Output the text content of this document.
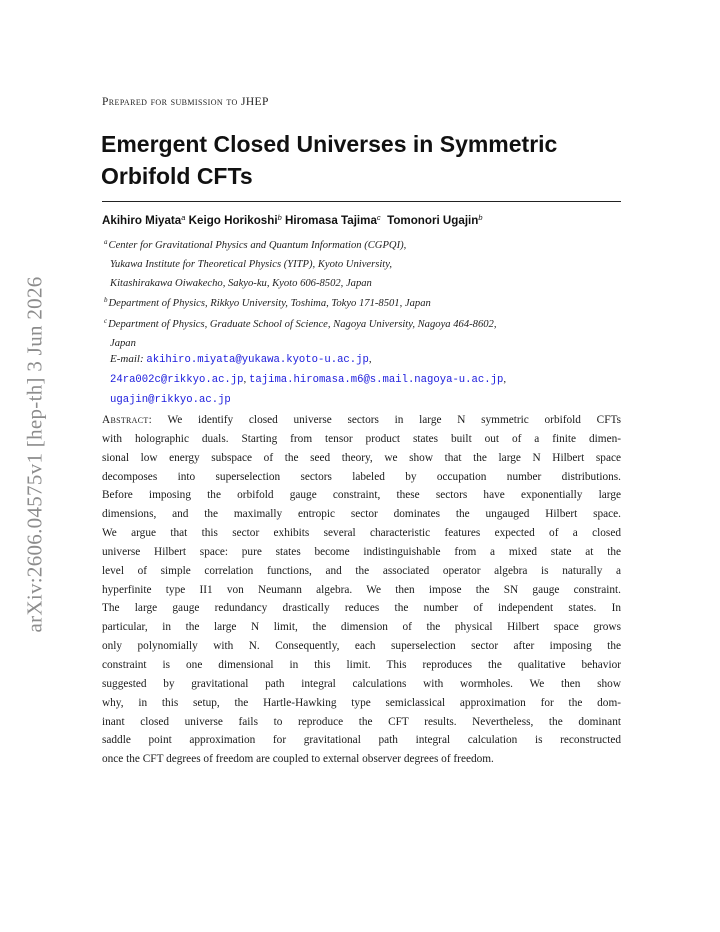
arXiv:2606.04575v1 [hep-th] 3 Jun 2026
Prepared for submission to JHEP
Emergent Closed Universes in Symmetric Orbifold CFTs
Akihiro Miyata$^a$ Keigo Horikoshi$^b$ Hiromasa Tajima$^c$ Tomonori Ugajin$^b$
$^a$Center for Gravitational Physics and Quantum Information (CGPQI),
Yukawa Institute for Theoretical Physics (YITP), Kyoto University,
Kitashirakawa Oiwakecho, Sakyo-ku, Kyoto 606-8502, Japan
$^b$Department of Physics, Rikkyo University, Toshima, Tokyo 171-8501, Japan
$^c$Department of Physics, Graduate School of Science, Nagoya University, Nagoya 464-8602,
Japan
E-mail: akihiro.miyata@yukawa.kyoto-u.ac.jp,
24ra002c@rikkyo.ac.jp, tajima.hiromasa.m6@s.mail.nagoya-u.ac.jp,
ugajin@rikkyo.ac.jp
Abstract: We identify closed universe sectors in large N symmetric orbifold CFTs
with holographic duals. Starting from tensor product states built out of a finite dimen-
sional low energy subspace of the seed theory, we show that the large N Hilbert space
decomposes into superselection sectors labeled by occupation number distributions.
Before imposing the orbifold gauge constraint, these sectors have exponentially large
dimensions, and the maximally entropic sector dominates the ungauged Hilbert space.
We argue that this sector exhibits several characteristic features expected of a closed
universe Hilbert space: pure states become indistinguishable from a mixed state at the
level of simple correlation functions, and the associated operator algebra is naturally a
hyperfinite type II1 von Neumann algebra. We then impose the SN gauge constraint.
The large gauge redundancy drastically reduces the number of independent states. In
particular, in the large N limit, the dimension of the physical Hilbert space grows
only polynomially with N. Consequently, each superselection sector after imposing the
constraint is one dimensional in this limit. This reproduces the qualitative behavior
suggested by gravitational path integral calculations with wormholes. We then show
why, in this setup, the Hartle-Hawking type semiclassical approximation for the dom-
inant closed universe fails to reproduce the CFT results. Nevertheless, the dominant
saddle point approximation for gravitational path integral calculation is reconstructed
once the CFT degrees of freedom are coupled to external observer degrees of freedom.
